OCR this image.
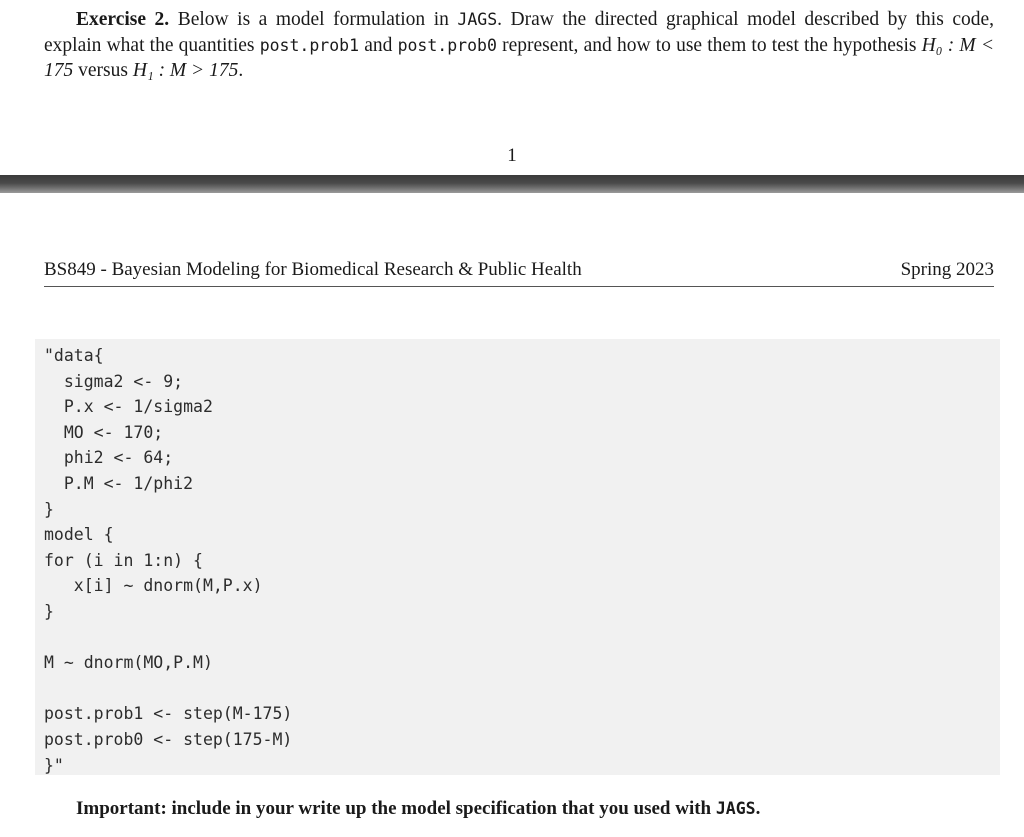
Exercise 2. Below is a model formulation in JAGS. Draw the directed graphical model described by this code, explain what the quantities post.prob1 and post.prob0 represent, and how to use them to test the hypothesis H₀ : M < 175 versus H₁ : M > 175.
1
BS849 - Bayesian Modeling for Biomedical Research & Public Health	Spring 2023
"data{
sigma2 <- 9;
P.x <- 1/sigma2
MO <- 170;
phi2 <- 64;
P.M <- 1/phi2
}
model {
for (i in 1:n) {
x[i] ~ dnorm(M,P.x)
}

M ~ dnorm(MO,P.M)

post.prob1 <- step(M-175)
post.prob0 <- step(175-M)
}"
Important: include in your write up the model specification that you used with JAGS.
